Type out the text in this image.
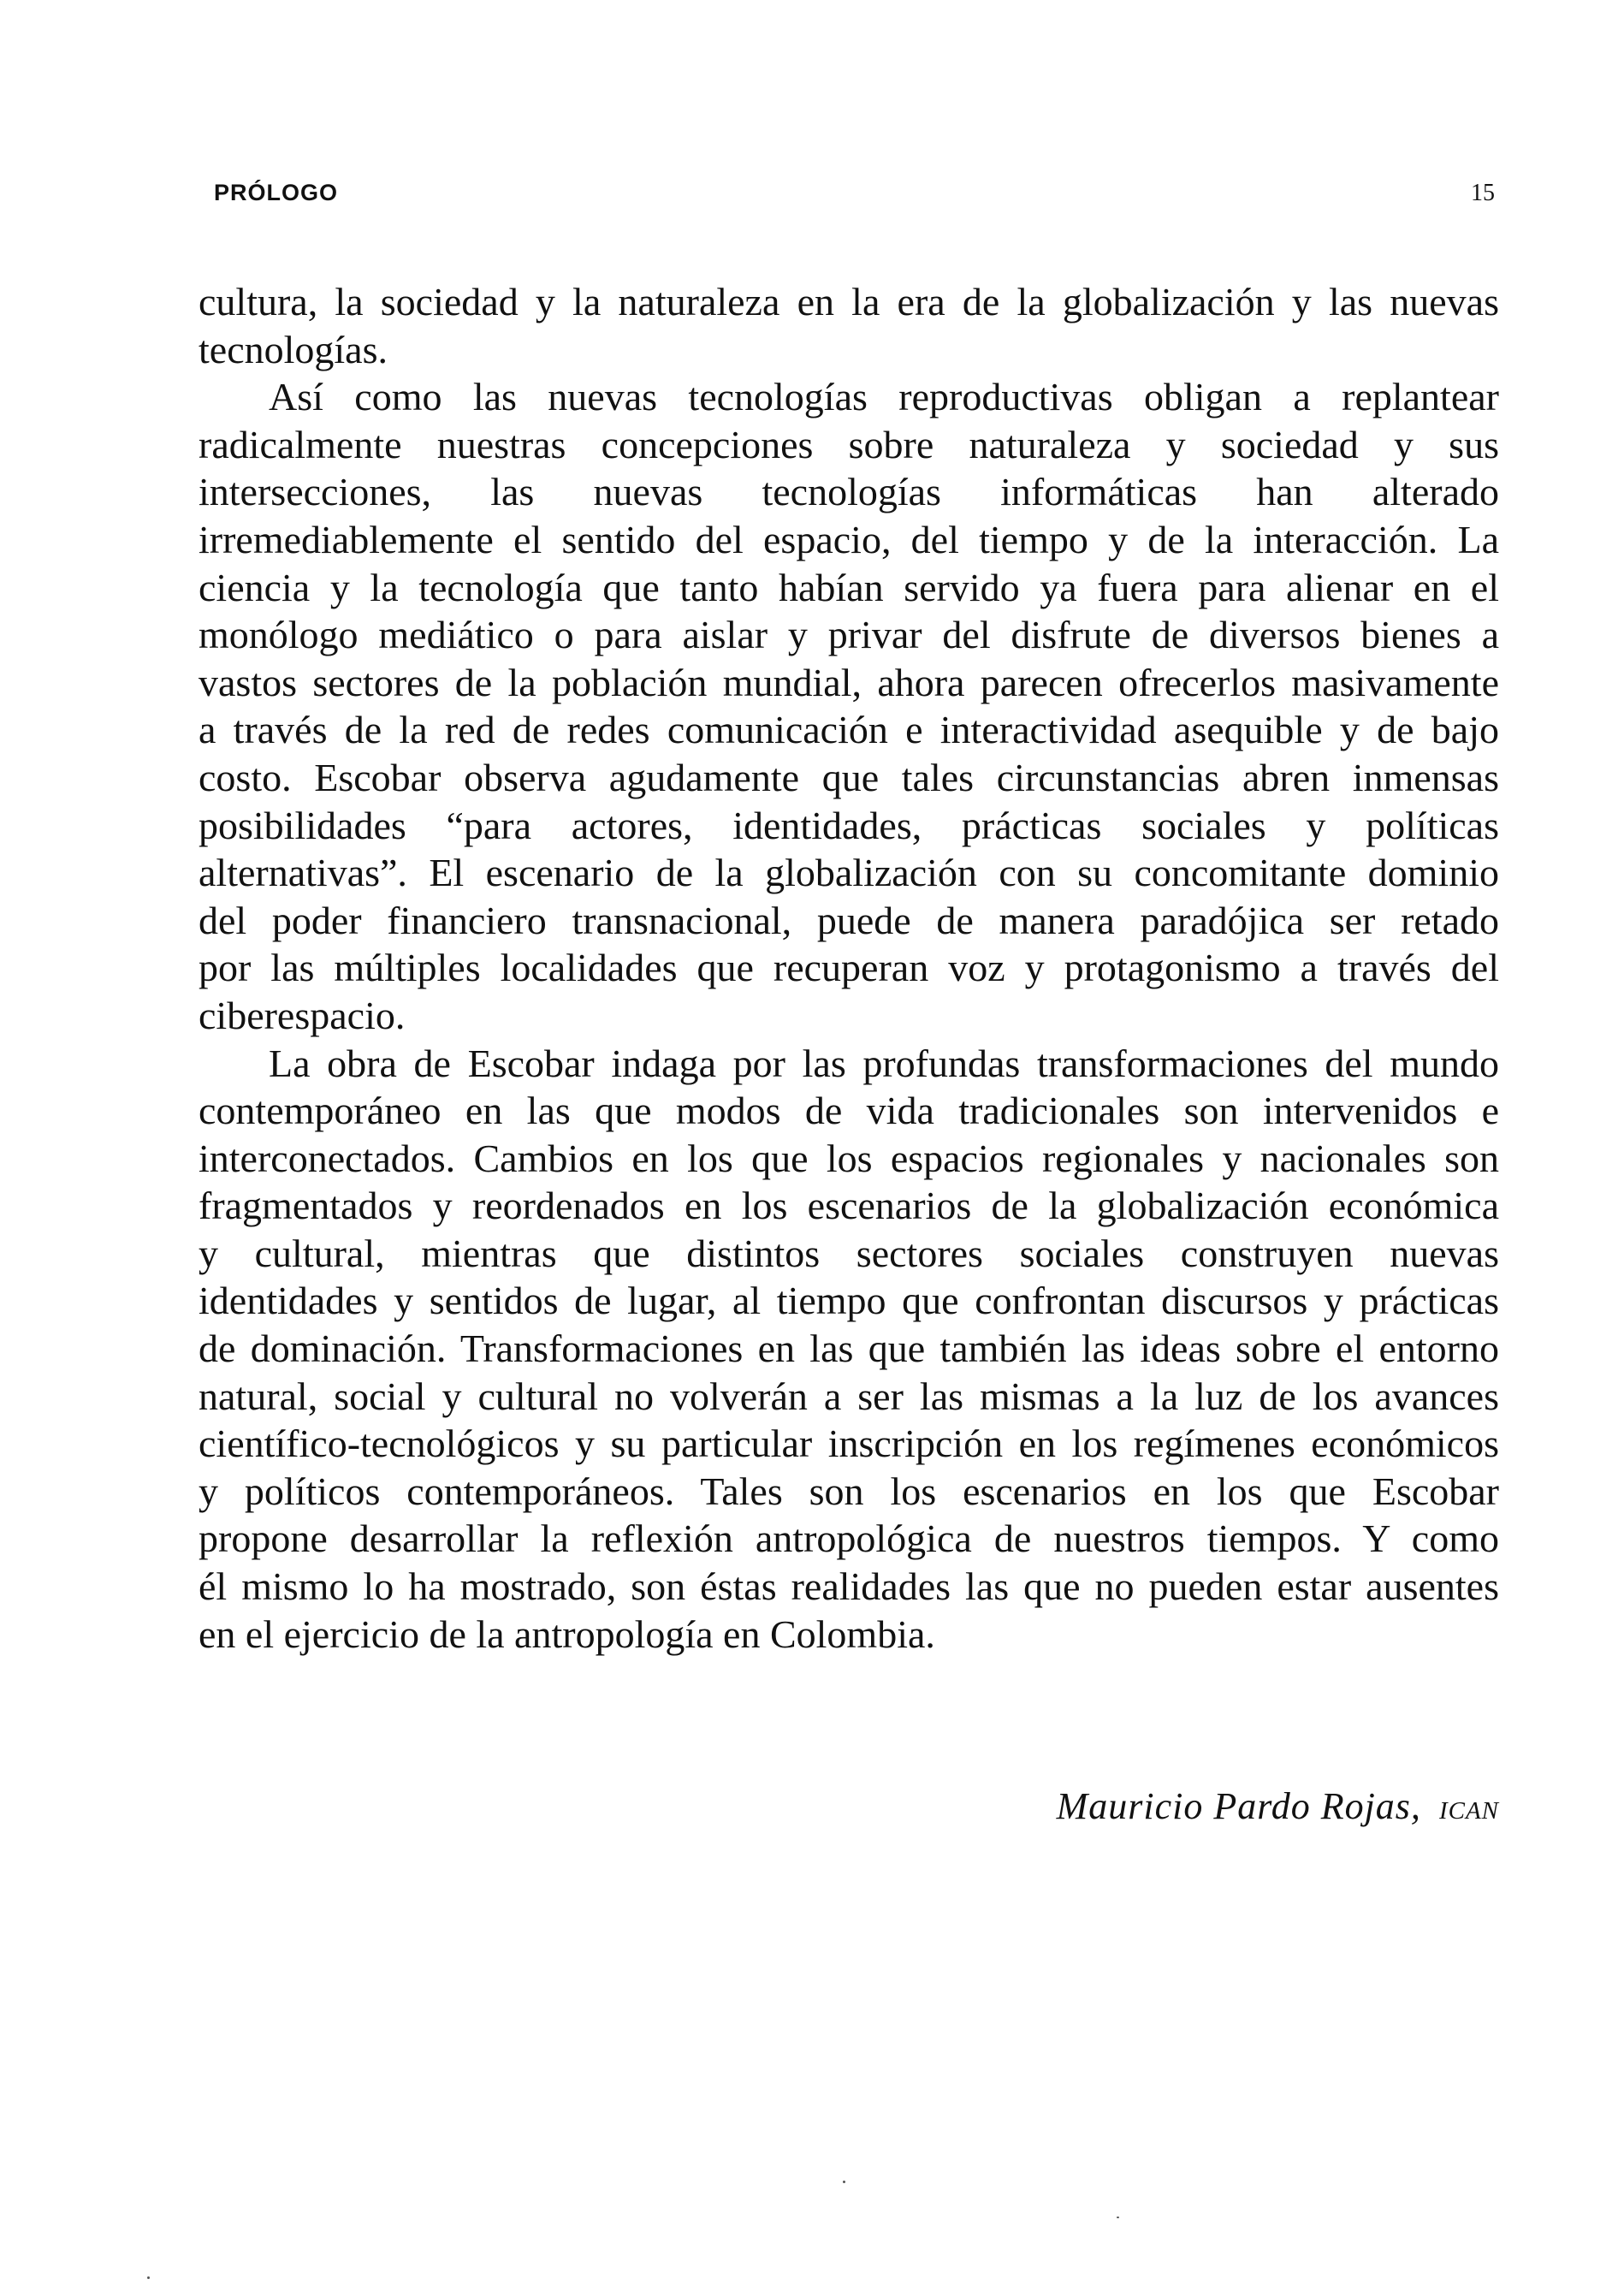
PRÓLOGO	15
cultura, la sociedad y la naturaleza en la era de la globalización y las nuevas
tecnologías.
Así como las nuevas tecnologías reproductivas obligan a replantear
radicalmente nuestras concepciones sobre naturaleza y sociedad y sus
intersecciones, las nuevas tecnologías informáticas han alterado
irremediablemente el sentido del espacio, del tiempo y de la interacción. La
ciencia y la tecnología que tanto habían servido ya fuera para alienar en el
monólogo mediático o para aislar y privar del disfrute de diversos bienes a
vastos sectores de la población mundial, ahora parecen ofrecerlos masivamente
a través de la red de redes comunicación e interactividad asequible y de bajo
costo. Escobar observa agudamente que tales circunstancias abren inmensas
posibilidades “para actores, identidades, prácticas sociales y políticas
alternativas”. El escenario de la globalización con su concomitante dominio
del poder financiero transnacional, puede de manera paradójica ser retado
por las múltiples localidades que recuperan voz y protagonismo a través del
ciberespacio.
La obra de Escobar indaga por las profundas transformaciones del mundo
contemporáneo en las que modos de vida tradicionales son intervenidos e
interconectados. Cambios en los que los espacios regionales y nacionales son
fragmentados y reordenados en los escenarios de la globalización económica
y cultural, mientras que distintos sectores sociales construyen nuevas
identidades y sentidos de lugar, al tiempo que confrontan discursos y prácticas
de dominación. Transformaciones en las que también las ideas sobre el entorno
natural, social y cultural no volverán a ser las mismas a la luz de los avances
científico-tecnológicos y su particular inscripción en los regímenes económicos
y políticos contemporáneos. Tales son los escenarios en los que Escobar
propone desarrollar la reflexión antropológica de nuestros tiempos. Y como
él mismo lo ha mostrado, son éstas realidades las que no pueden estar ausentes
en el ejercicio de la antropología en Colombia.
Mauricio Pardo Rojas, ICAN
